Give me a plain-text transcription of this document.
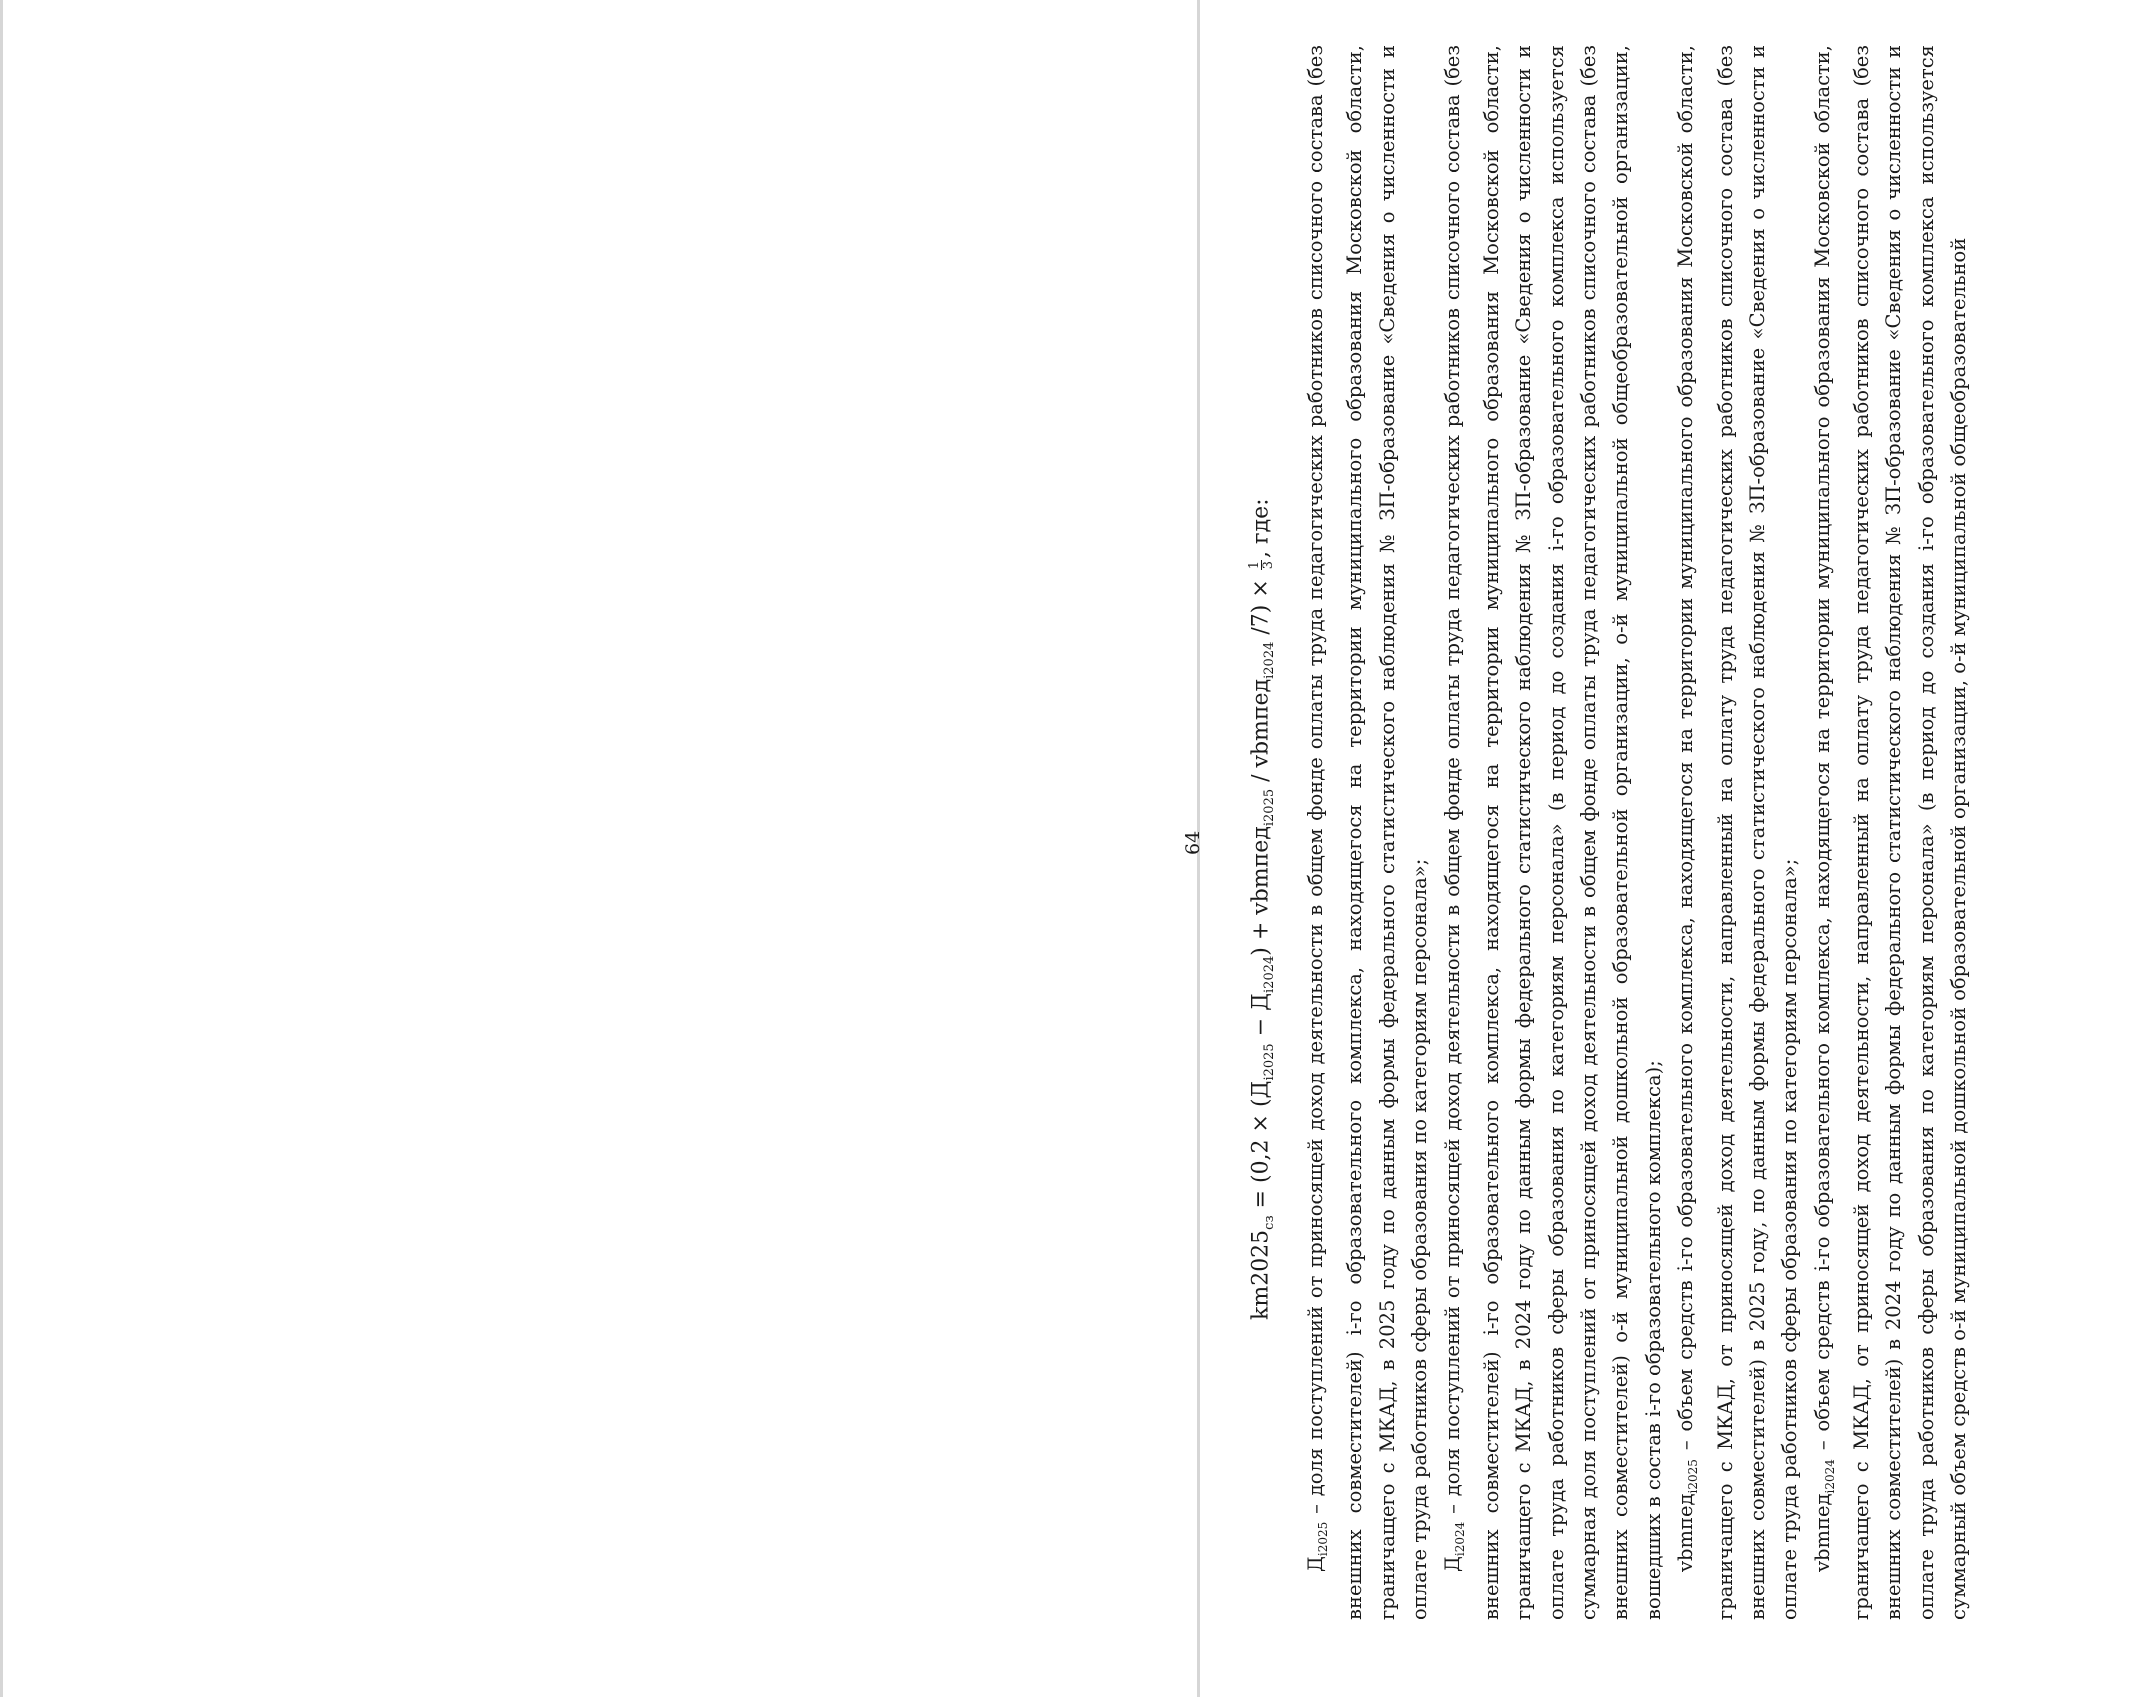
64
$km2025_{сз} = (0,2 \times (Д_{i2025} - Д_{i2024})$ + vbmпед$_{i2025}$ / vbmпед$_{i2024}$ /7) ×
1 3
, где:

$Д_{i2025}$ – доля поступлений от приносящей доход деятельности в общем фонде оплаты труда педагогических работников списочного состава (без внешних совместителей) i-го образовательного комплекса, находящегося на территории муниципального образования Московской области, граничащего с МКАД, в 2025 году по данным формы федерального статистического наблюдения № ЗП-образование «Сведения о численности и оплате труда работников сферы образования по категориям персонала»; $Д_{i2024}$ – доля поступлений от приносящей доход деятельности в общем фонде оплаты труда педагогических работников списочного состава (без внешних совместителей) i-го образовательного комплекса, находящегося на территории муниципального образования Московской области, граничащего с МКАД, в 2024 году по данным формы федерального статистического наблюдения № ЗП-образование «Сведения о численности и оплате труда работников сферы образования по категориям персонала» (в период до создания i-го образовательного комплекса используется суммарная доля поступлений от приносящей доход деятельности в общем фонде оплаты труда педагогических работников списочного состава (без внешних совместителей) о-й муниципальной дошкольной образовательной организации, о-й муниципальной общеобразовательной организации, вошедших в состав i-го образовательного комплекса); vbmпед$_{i2025}$ – объем средств i-го образовательного комплекса, находящегося на территории муниципального образования Московской области, граничащего с МКАД, от приносящей доход деятельности, направленный на оплату труда педагогических работников списочного состава (без внешних совместителей) в 2025 году, по данным формы федерального статистического наблюдения № ЗП-образование «Сведения о численности и оплате труда работников сферы образования по категориям персонала»; vbmпед$_{i2024}$ – объем средств i-го образовательного комплекса, находящегося на территории муниципального образования Московской области, граничащего с МКАД, от приносящей доход деятельности, направленный на оплату труда педагогических работников списочного состава (без внешних совместителей) в 2024 году по данным формы федерального статистического наблюдения № ЗП-образование «Сведения о численности и оплате труда работников сферы образования по категориям персонала» (в период до создания i-го образовательного комплекса используется суммарный объем средств о-й муниципальной дошкольной образовательной организации, о-й муниципальной общеобразовательной
